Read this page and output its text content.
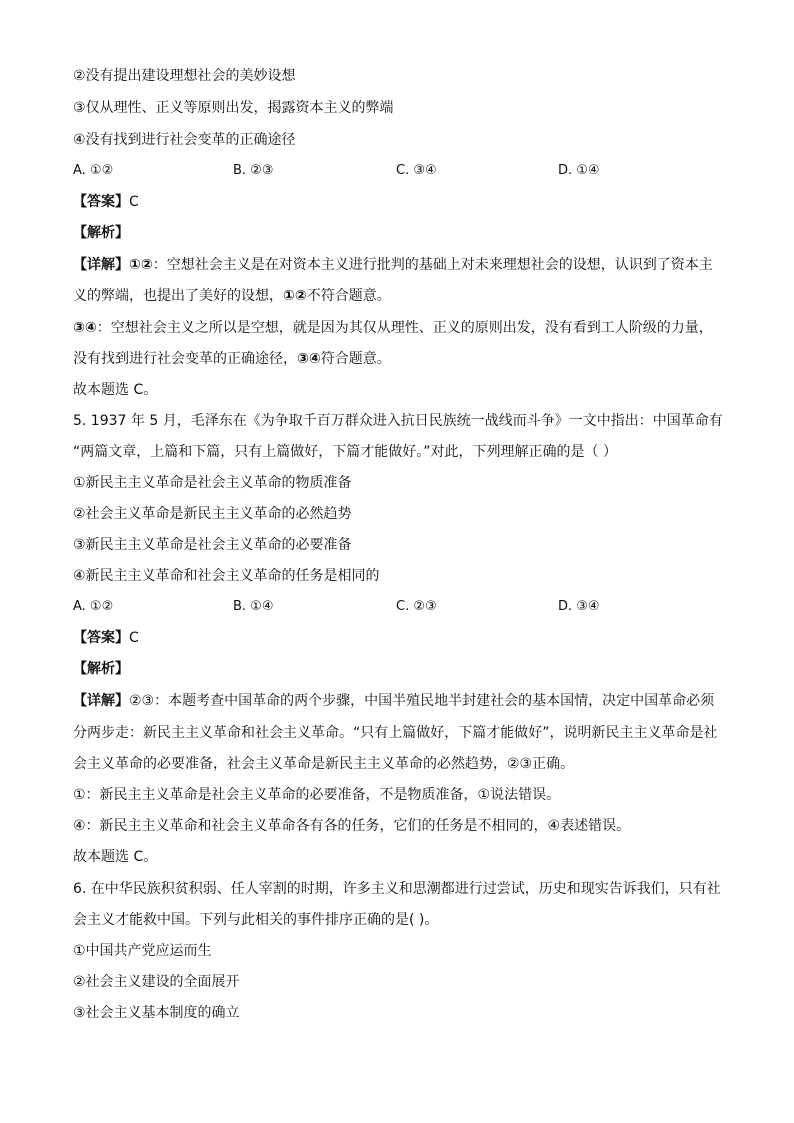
②没有提出建设理想社会的美妙设想
③仅从理性、正义等原则出发，揭露资本主义的弊端
④没有找到进行社会变革的正确途径
A. ①②	B. ②③	C. ③④	D. ①④
【答案】C
【解析】
【详解】①②：空想社会主义是在对资本主义进行批判的基础上对未来理想社会的设想，认识到了资本主
义的弊端，也提出了美好的设想，①②不符合题意。
③④：空想社会主义之所以是空想，就是因为其仅从理性、正义的原则出发，没有看到工人阶级的力量，
没有找到进行社会变革的正确途径，③④符合题意。
故本题选 C。
5. 1937 年 5 月，毛泽东在《为争取千百万群众进入抗日民族统一战线而斗争》一文中指出：中国革命有
“两篇文章，上篇和下篇，只有上篇做好，下篇才能做好。”对此，下列理解正确的是（ ）
①新民主主义革命是社会主义革命的物质准备
②社会主义革命是新民主主义革命的必然趋势
③新民主主义革命是社会主义革命的必要准备
④新民主主义革命和社会主义革命的任务是相同的
A. ①②	B. ①④	C. ②③	D. ③④
【答案】C
【解析】
【详解】②③：本题考查中国革命的两个步骤，中国半殖民地半封建社会的基本国情，决定中国革命必须
分两步走：新民主主义革命和社会主义革命。“只有上篇做好，下篇才能做好”，说明新民主主义革命是社
会主义革命的必要准备，社会主义革命是新民主主义革命的必然趋势，②③正确。
①：新民主主义革命是社会主义革命的必要准备，不是物质准备，①说法错误。
④：新民主主义革命和社会主义革命各有各的任务，它们的任务是不相同的，④表述错误。
故本题选 C。
6. 在中华民族积贫积弱、任人宰割的时期，许多主义和思潮都进行过尝试，历史和现实告诉我们，只有社
会主义才能救中国。下列与此相关的事件排序正确的是( )。
①中国共产党应运而生
②社会主义建设的全面展开
③社会主义基本制度的确立
